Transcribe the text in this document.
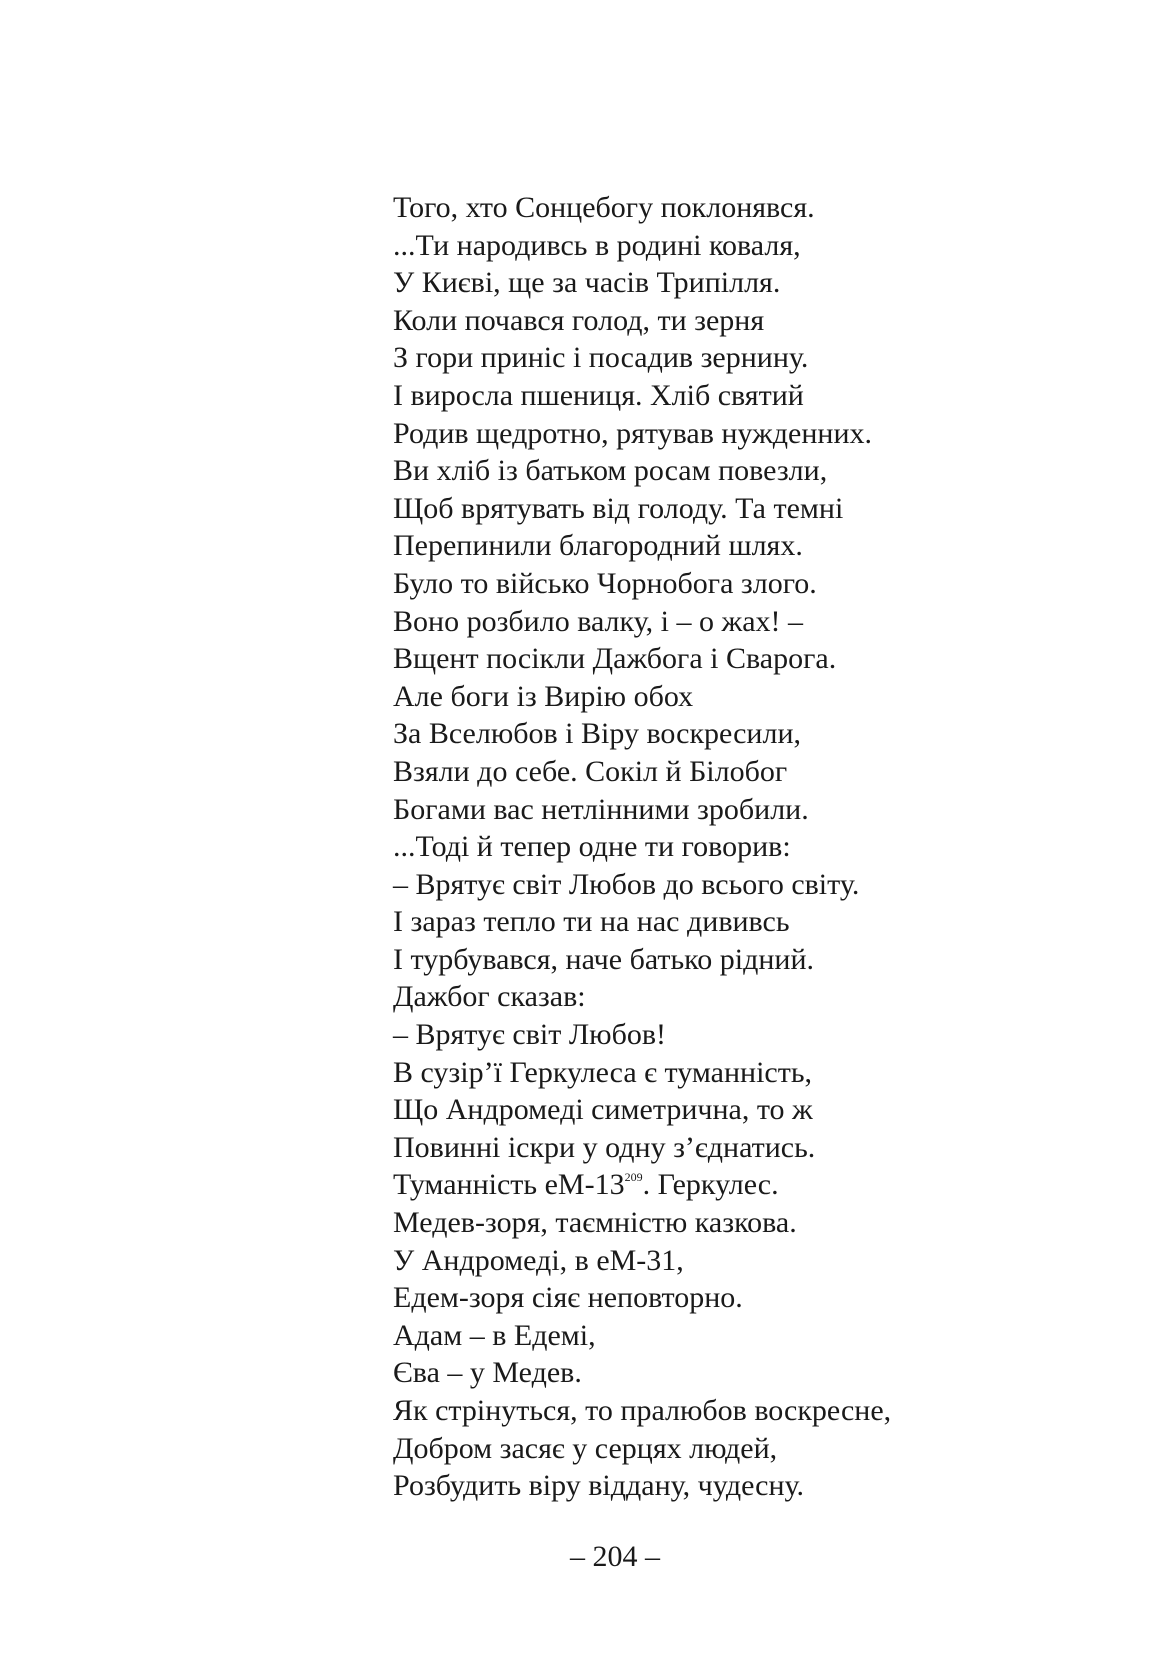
Того, хто Сонцебогу поклонявся.
...Ти народивсь в родині коваля,
У Києві, ще за часів Трипілля.
Коли почався голод, ти зерня
З гори приніс і посадив зернину.
І виросла пшениця. Хліб святий
Родив щедротно, рятував нужденних.
Ви хліб із батьком росам повезли,
Щоб врятувать від голоду. Та темні
Перепинили благородний шлях.
Було то військо Чорнобога злого.
Воно розбило валку, і – о жах! –
Вщент посікли Дажбога і Сварога.
Але боги із Вирію обох
За Вселюбов і Віру воскресили,
Взяли до себе. Сокіл й Білобог
Богами вас нетлінними зробили.
...Тоді й тепер одне ти говорив:
– Врятує світ Любов до всього світу.
І зараз тепло ти на нас дививсь
І турбувався, наче батько рідний.
Дажбог сказав:
– Врятує світ Любов!
В сузір’ї Геркулеса є туманність,
Що Андромеді симетрична, то ж
Повинні іскри у одну з’єднатись.
Туманність еМ-13$^{209}$. Геркулес.
Медев-зоря, таємністю казкова.
У Андромеді, в еМ-31,
Едем-зоря сіяє неповторно.
Адам – в Едемі,
Єва – у Медев.
Як стрінуться, то пралюбов воскресне,
Добром засяє у серцях людей,
Розбудить віру віддану, чудесну.
– 204 –
